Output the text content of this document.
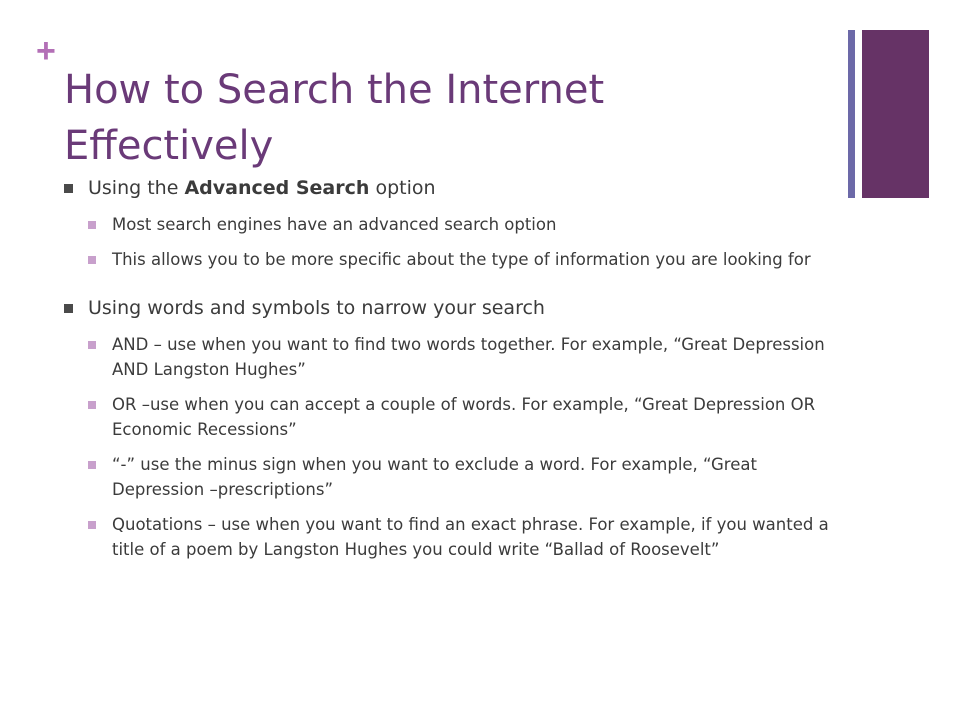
+
How to Search the Internet Effectively
Using the Advanced Search option
Most search engines have an advanced search option
This allows you to be more specific about the type of information you are looking for
Using words and symbols to narrow your search
AND – use when you want to find two words together. For example, “Great Depression AND Langston Hughes”
OR –use when you can accept a couple of words. For example, “Great Depression OR Economic Recessions”
“-” use the minus sign when you want to exclude a word. For example, “Great Depression –prescriptions”
Quotations – use when you want to find an exact phrase. For example, if you wanted a title of a poem by Langston Hughes you could write “Ballad of Roosevelt”
